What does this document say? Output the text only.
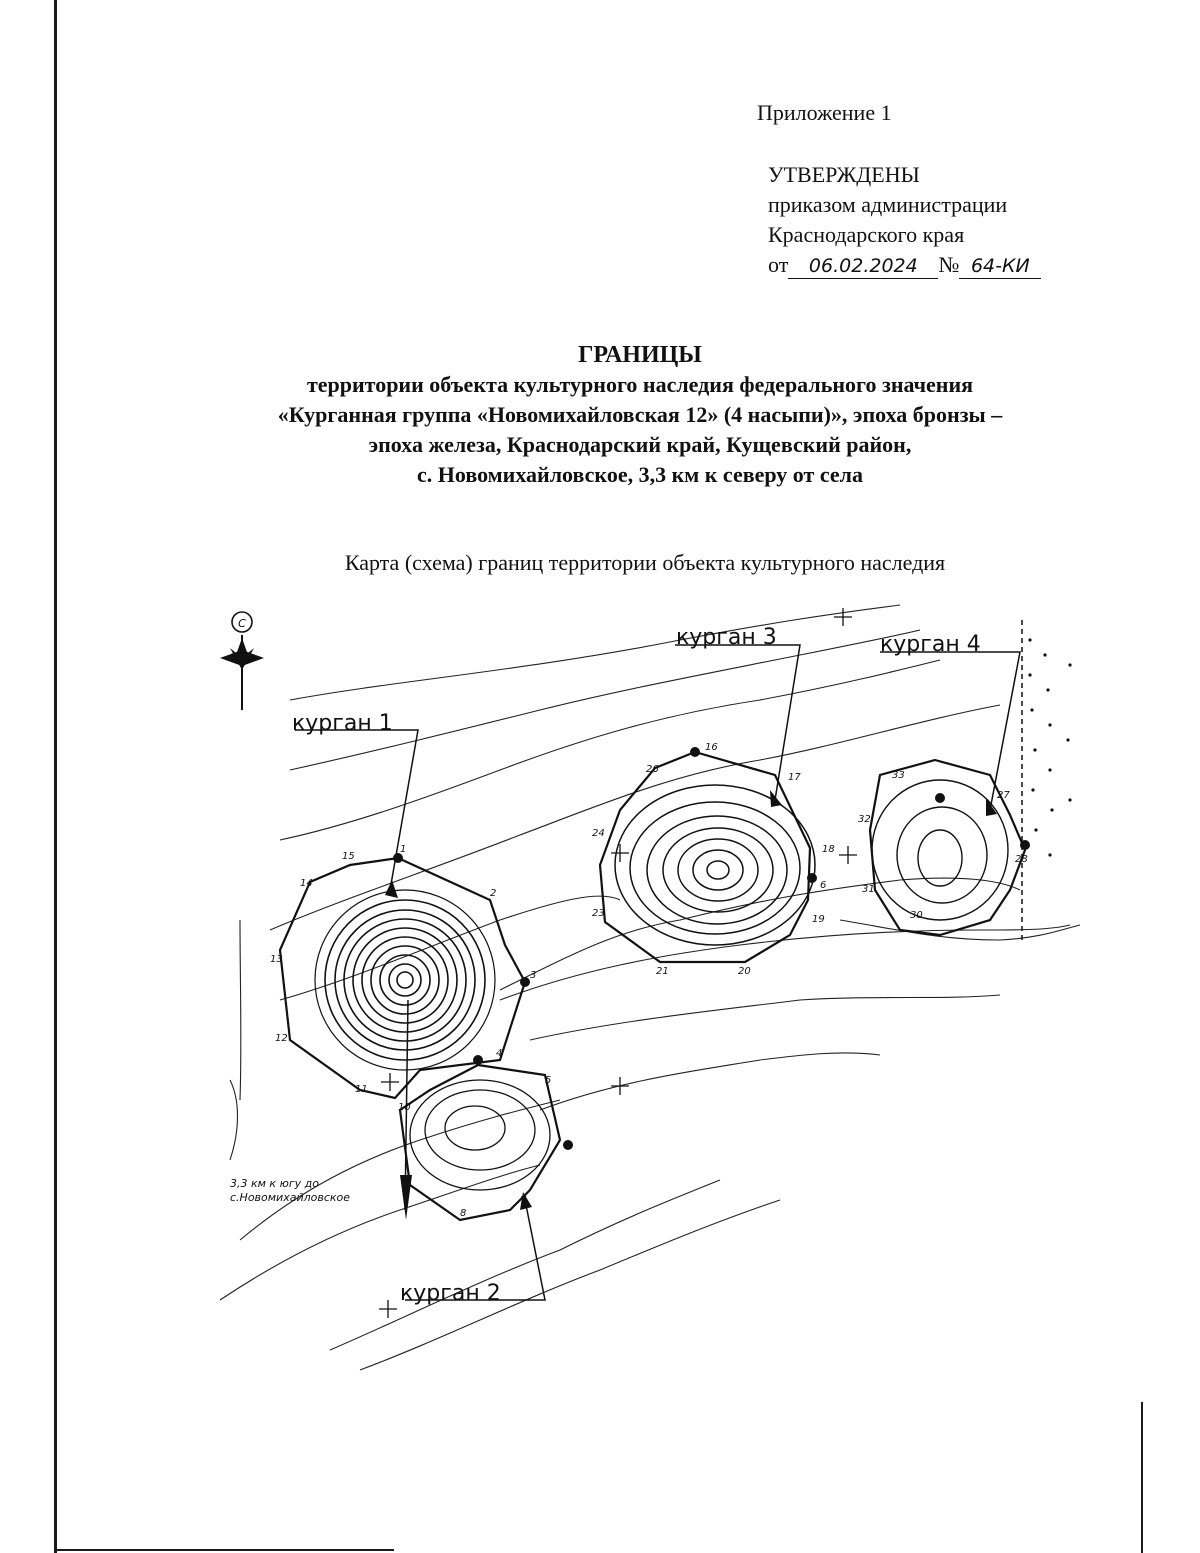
Приложение 1
УТВЕРЖДЕНЫ
приказом администрации
Краснодарского края
от 06.02.2024 № 64-КИ
ГРАНИЦЫ
территории объекта культурного наследия федерального значения
«Курганная группа «Новомихайловская 12» (4 насыпи)», эпоха бронзы –
эпоха железа, Краснодарский край, Кущевский район,
с. Новомихайловское, 3,3 км к северу от села
Карта (схема) границ территории объекта культурного наследия
С
курган 1
курган 3	курган 4
курган 2
3,3 км к югу до
с.Новомихайловское
1
2
3
4
5
6
7
8
10
11
12
13
14
15
16
17
18
19
20
21
23
24
26
27
28
30
31
32
33
